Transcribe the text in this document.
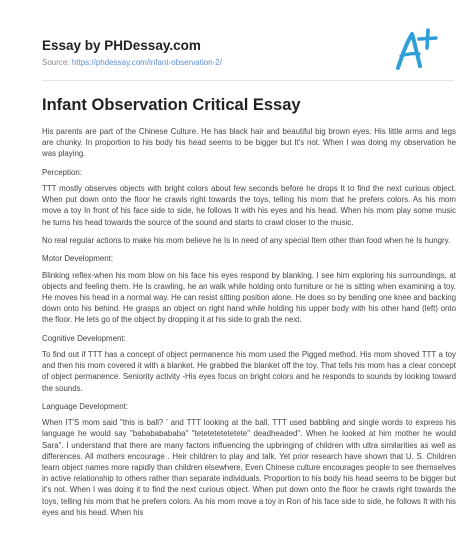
Essay by PHDessay.com
Source: https://phdessay.com/infant-observation-2/
Infant Observation Critical Essay

His parents are part of the Chinese Culture. He has black hair and beautiful big brown eyes. His little arms and legs are chunky. In proportion to his body his head seems to be bigger but It's not. When I was doing my observation he was playing.

Perception:

TTT mostly observes objects with bright colors about few seconds before he drops It to find the next curious object. When put down onto the floor he crawls right towards the toys, telling his mom that he prefers colors. As his mom move a toy In front of his face side to side, he follows It with his eyes and his head. When his mom play some music he turns his head towards the source of the sound and starts to crawl closer to the music.

No real regular actions to make his mom believe he Is In need of any special Item other than food when he Is hungry.

Motor Development:

Blinking reflex-when his mom blow on his face his eyes respond by blanking. I see him exploring his surroundings, at objects and feeling them. He Is crawling, he an walk while holding onto furniture or he is sitting when examining a toy. He moves his head in a normal way. He can resist sitting position alone. He does so by bending one knee and backing down onto his behind. He grasps an object on right hand while holding his upper body with his other hand (left) onto the floor. He lets go of the object by dropping it at his side to grab the next.

Cognitive Development:

To find out if TTT has a concept of object permanence his mom used the Pigged method. His mom shoved TTT a toy and then his mom covered it with a blanket. He grabbed the blanket off the toy. That tells his mom has a clear concept of object permanence. Seniority activity -His eyes focus on bright colors and he responds to sounds by looking toward the sounds.

Language Development:

When IT'S mom said "this is ball? ' and TTT looking at the ball. TTT used babbling and single words to express his language he would say "babababababa" "tetetetetetetete" deadheaded". When he looked at him mother he would Sara". I understand that there are many factors influencing the upbringing of children with ultra similarities as well as differences. All mothers encourage . Heir children to play and talk. Yet prior research have shown that U. S. Children learn object names more rapidly than children elsewhere, Even Chinese culture encourages people to see themselves in active relationship to others rather than separate individuals. Proportion to his body his head seems to be bigger but it's not. When I was doing it to find the next curious object. When put down onto the floor he crawls right towards the toys, telling his mom that he prefers colors. As his mom move a toy in Ron of his face side to side, he follows It with his eyes and his head. When his
